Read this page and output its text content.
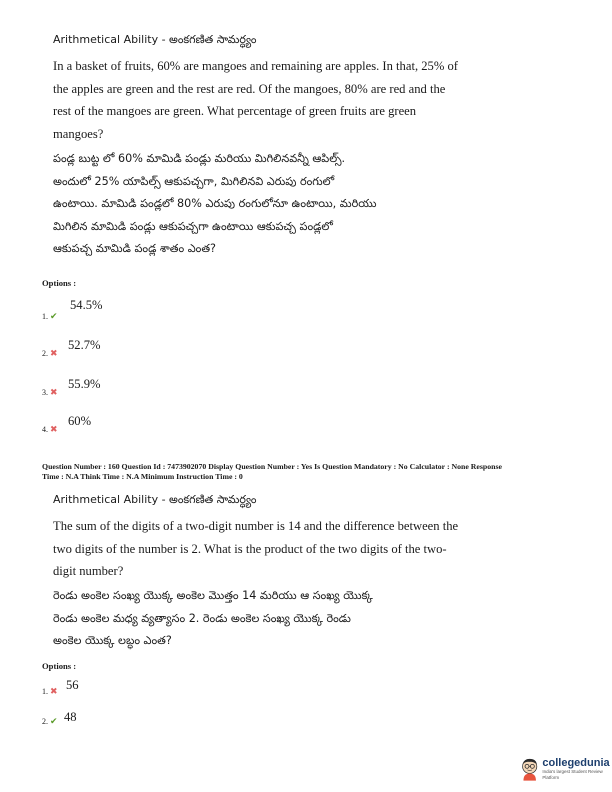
Arithmetical Ability - అంకగణిత సామర్ధ్యం
In a basket of fruits, 60% are mangoes and remaining are apples. In that, 25% of
the apples are green and the rest are red. Of the mangoes, 80% are red and the
rest of the mangoes are green. What percentage of green fruits are green
mangoes?
పండ్ల బుట్ట లో 60% మామిడి పండ్లు మరియు మిగిలినవన్నీ ఆపిల్స్.
అందులో 25% యాపిల్స్ ఆకుపచ్చగా, మిగిలినవి ఎరుపు రంగులో
ఉంటాయి. మామిడి పండ్లలో 80% ఎరుపు రంగులోనూ ఉంటాయి, మరియు
మిగిలిన మామిడి పండ్లు ఆకుపచ్చగా ఉంటాయి ఆకుపచ్చ పండ్లలో
ఆకుపచ్చ మామిడి పండ్ల శాతం ఎంత?
Options :
1. ✔
54.5%
2. ✖
52.7%
3. ✖
55.9%
4. ✖
60%
Question Number : 160 Question Id : 7473902070 Display Question Number : Yes Is Question Mandatory : No Calculator : None Response
Time : N.A Think Time : N.A Minimum Instruction Time : 0
Arithmetical Ability - అంకగణిత సామర్ధ్యం
The sum of the digits of a two-digit number is 14 and the difference between the
two digits of the number is 2. What is the product of the two digits of the two-
digit number?
రెండు అంకెల సంఖ్య యొక్క అంకెల మొత్తం 14 మరియు ఆ సంఖ్య యొక్క
రెండు అంకెల మధ్య వ్యత్యాసం 2. రెండు అంకెల సంఖ్య యొక్క రెండు
అంకెల యొక్క లబ్ధం ఎంత?
Options :
1. ✖ 56
2. ✔ 48
collegedunia
India's largest Student Review Platform
